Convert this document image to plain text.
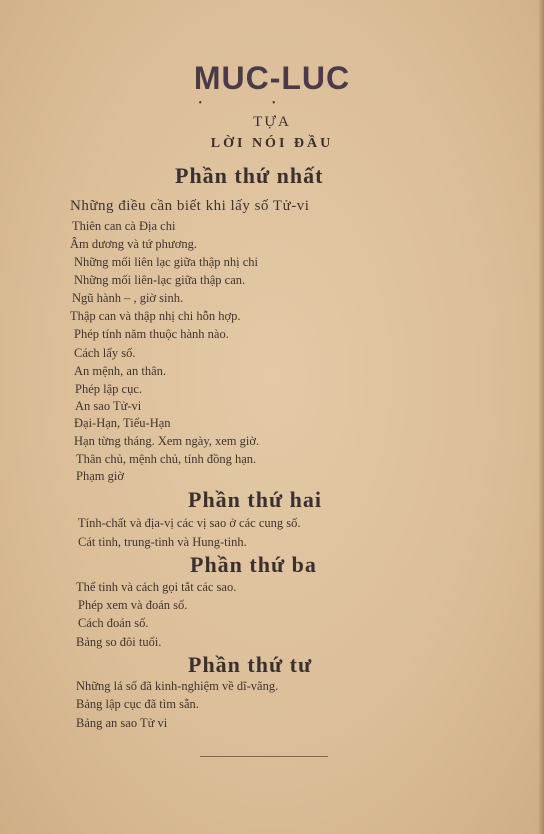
MUC-LUC
••
TỰA
LỜI NÓI ĐẦU
Phần thứ nhất
Những điều cần biết khi lấy số Tử-vi
Thiên can cà Địa chi
Âm dương và tứ phương.
Những mối liên lạc giữa thập nhị chi
Những mối liên-lạc giữa thập can.
Ngũ hành – , giờ sinh.
Thập can và thập nhị chi hỗn hợp.
Phép tính năm thuộc hành nào.
Cách lấy số.
An mệnh, an thân.
Phép lập cục.
An sao Tử-vi
Đại-Hạn, Tiểu-Hạn
Hạn từng tháng. Xem ngày, xem giờ.
Thân chủ, mệnh chủ, tính đồng hạn.
Phạm giờ
Phần thứ hai
Tính-chất và địa-vị các vị sao ở các cung số.
Cát tinh, trung-tinh và Hung-tinh.
Phần thứ ba
Thể tinh và cách gọi tắt các sao.
Phép xem và đoán số.
Cách đoán số.
Bảng so đôi tuổi.
Phần thứ tư
Những lá số đã kinh-nghiệm về dĩ-vãng.
Bảng lập cục đã tìm sẵn.
Bảng an sao Tử vi
